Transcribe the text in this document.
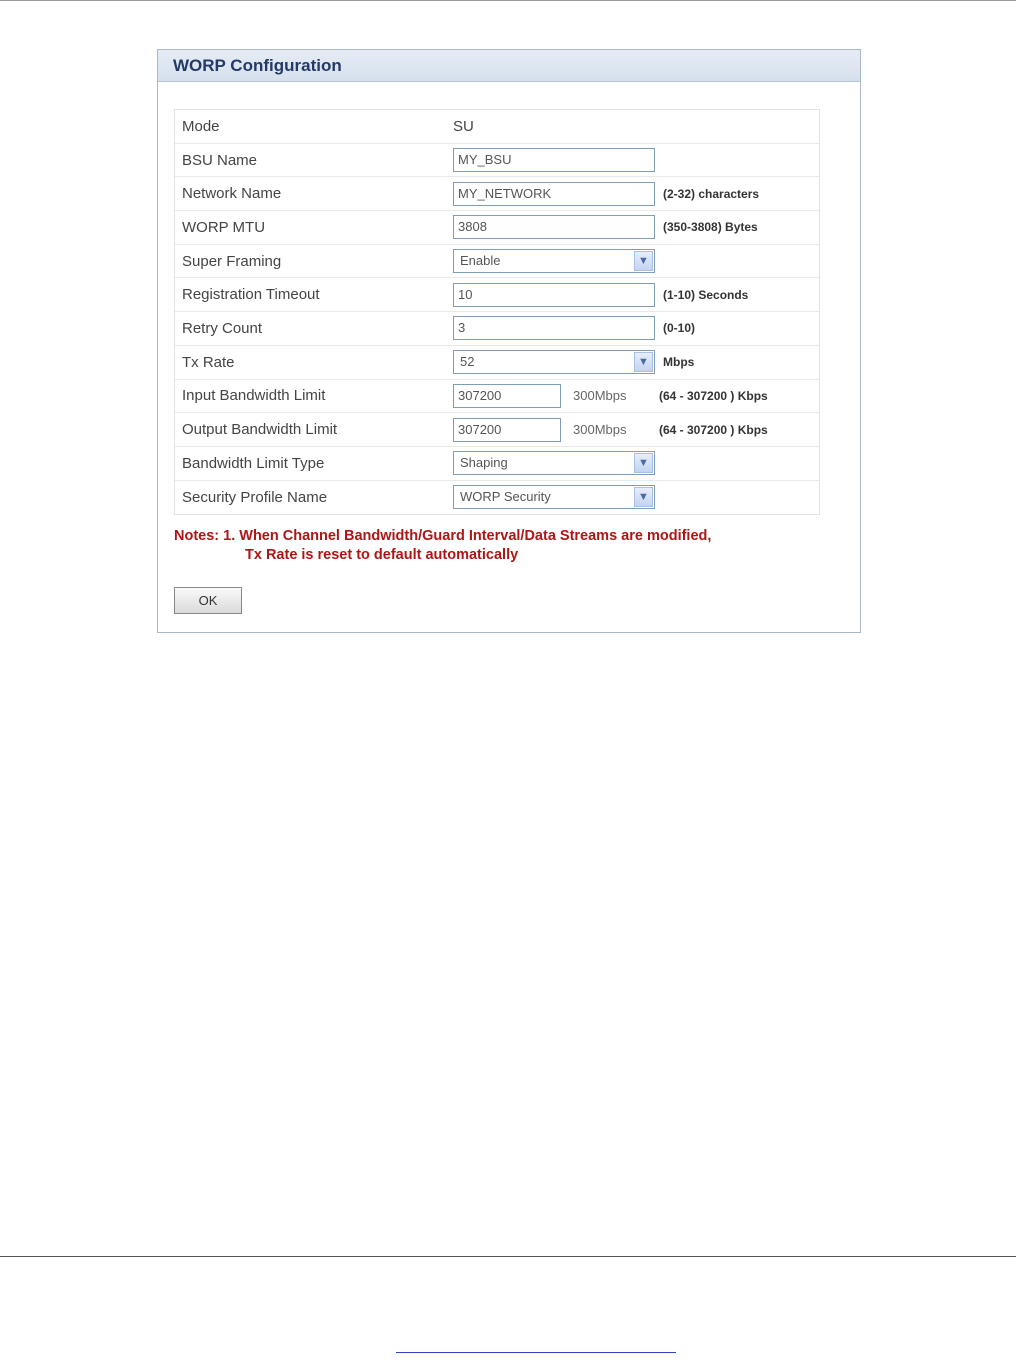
WORP Configuration
Mode	SU
BSU Name	MY_BSU
Network Name	MY_NETWORK	(2-32) characters
WORP MTU	3808	(350-3808) Bytes
Super Framing	Enable	▼
Registration Timeout	10	(1-10) Seconds
Retry Count	3	(0-10)
Tx Rate	52	▼	Mbps
Input Bandwidth Limit	307200	300Mbps	(64 - 307200 ) Kbps
Output Bandwidth Limit	307200	300Mbps	(64 - 307200 ) Kbps
Bandwidth Limit Type	Shaping	▼
Security Profile Name	WORP Security	▼
Notes: 1. When Channel Bandwidth/Guard Interval/Data Streams are modified,
Tx Rate is reset to default automatically
OK
